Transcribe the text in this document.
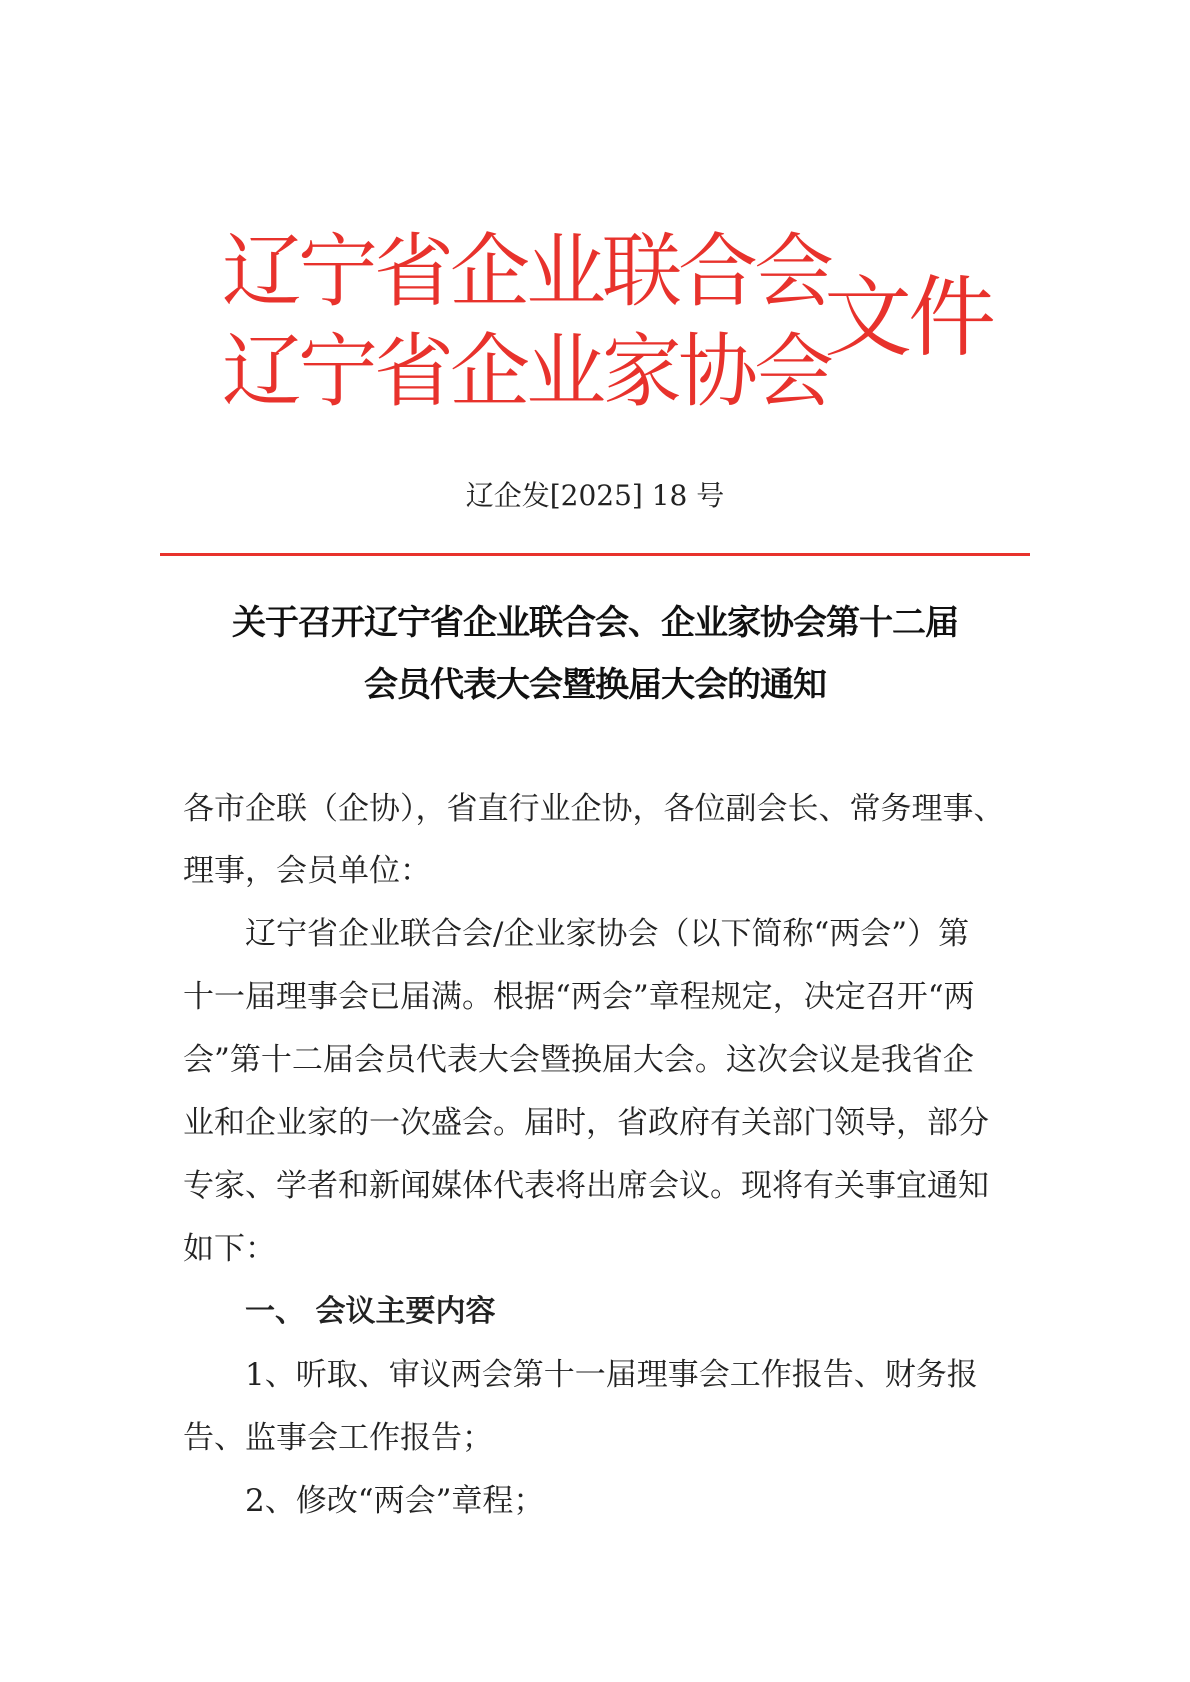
辽宁省企业联合会
辽宁省企业家协会
文件
辽企发[2025] 18 号
关于召开辽宁省企业联合会、企业家协会第十二届
会员代表大会暨换届大会的通知
各市企联（企协），省直行业企协，各位副会长、常务理事、
理事，会员单位：
辽宁省企业联合会/企业家协会（以下简称“两会”）第
十一届理事会已届满。根据“两会”章程规定，决定召开“两
会”第十二届会员代表大会暨换届大会。这次会议是我省企
业和企业家的一次盛会。届时，省政府有关部门领导，部分
专家、学者和新闻媒体代表将出席会议。现将有关事宜通知
如下：
一、 会议主要内容
1、听取、审议两会第十一届理事会工作报告、财务报
告、监事会工作报告；
2、修改“两会”章程；
